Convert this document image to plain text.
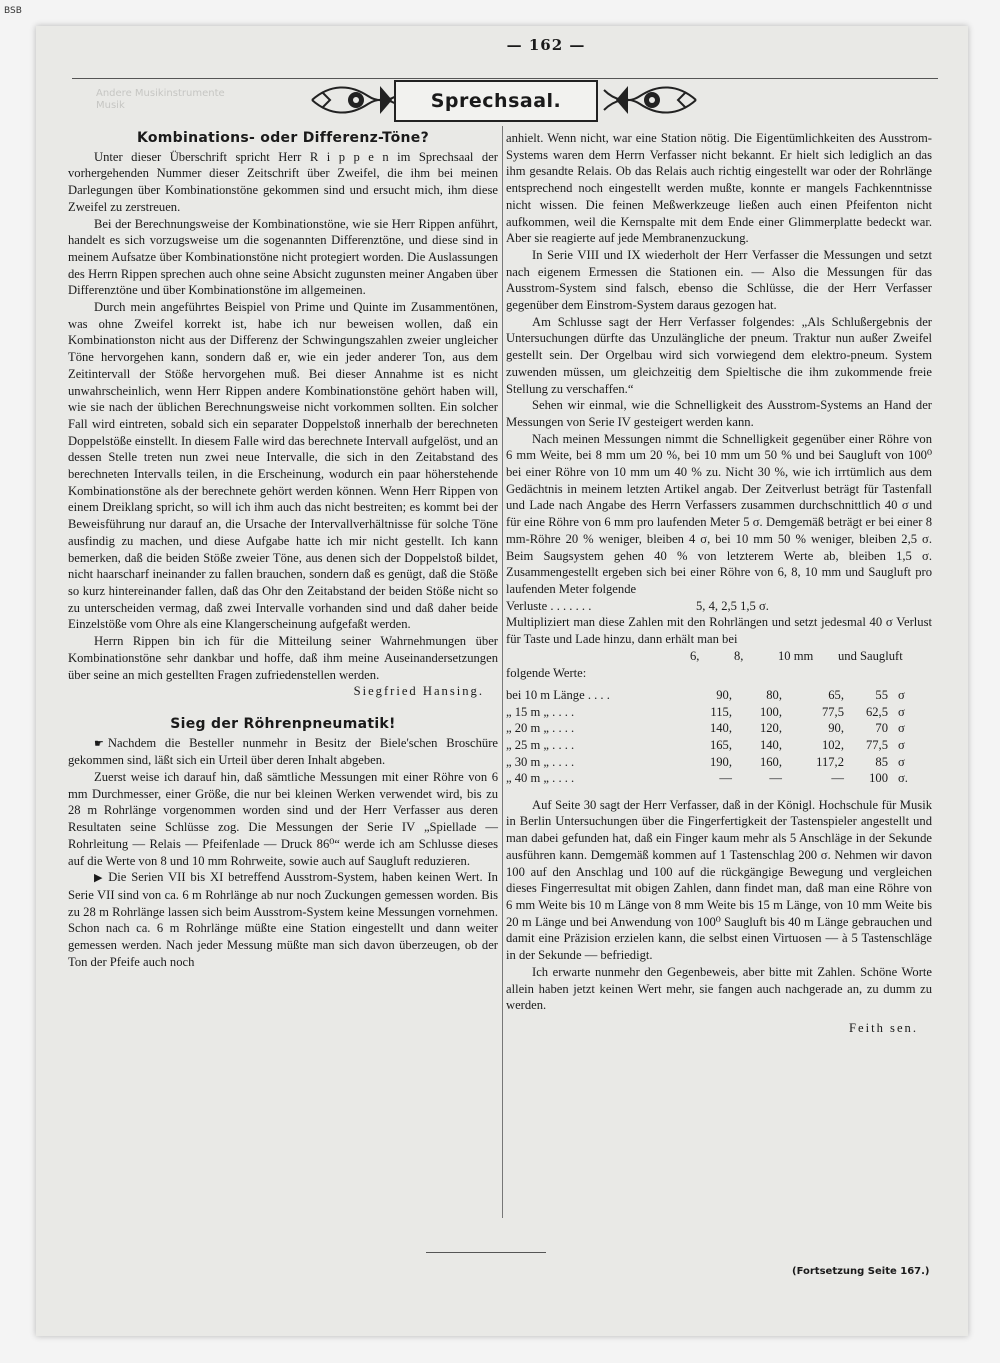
BSB
— 162 —
Andere Musikinstrumente
Musik	Sprechsaal.
Kombinations- oder Differenz-Töne?

Unter dieser Überschrift spricht Herr R i p p e n im Sprechsaal der vorhergehenden Nummer dieser Zeitschrift über Zweifel, die ihm bei meinen Darlegungen über Kombinationstöne gekommen sind und ersucht mich, ihm diese Zweifel zu zerstreuen.

Bei der Berechnungsweise der Kombinationstöne, wie sie Herr Rippen anführt, handelt es sich vorzugsweise um die sogenannten Differenztöne, und diese sind in meinem Aufsatze über Kombinationstöne nicht protegiert worden. Die Auslassungen des Herrn Rippen sprechen auch ohne seine Absicht zugunsten meiner Angaben über Differenztöne und über Kombinationstöne im allgemeinen.

Durch mein angeführtes Beispiel von Prime und Quinte im Zusammentönen, was ohne Zweifel korrekt ist, habe ich nur beweisen wollen, daß ein Kombinationston nicht aus der Differenz der Schwingungszahlen zweier ungleicher Töne hervorgehen kann, sondern daß er, wie ein jeder anderer Ton, aus dem Zeitintervall der Stöße hervorgehen muß. Bei dieser Annahme ist es nicht unwahrscheinlich, wenn Herr Rippen andere Kombinationstöne gehört haben will, wie sie nach der üblichen Berechnungsweise nicht vorkommen sollten. Ein solcher Fall wird eintreten, sobald sich ein separater Doppelstoß innerhalb der berechneten Doppelstöße einstellt. In diesem Falle wird das berechnete Intervall aufgelöst, und an dessen Stelle treten nun zwei neue Intervalle, die sich in den Zeitabstand des berechneten Intervalls teilen, in die Erscheinung, wodurch ein paar höherstehende Kombinationstöne als der berechnete gehört werden können. Wenn Herr Rippen von einem Dreiklang spricht, so will ich ihm auch das nicht bestreiten; es kommt bei der Beweisführung nur darauf an, die Ursache der Intervallverhältnisse für solche Töne ausfindig zu machen, und diese Aufgabe hatte ich mir nicht gestellt. Ich kann bemerken, daß die beiden Stöße zweier Töne, aus denen sich der Doppelstoß bildet, nicht haarscharf ineinander zu fallen brauchen, sondern daß es genügt, daß die Stöße so kurz hintereinander fallen, daß das Ohr den Zeitabstand der beiden Stöße nicht so zu unterscheiden vermag, daß zwei Intervalle vorhanden sind und daß daher beide Einzelstöße vom Ohre als eine Klangerscheinung aufgefaßt werden.

Herrn Rippen bin ich für die Mitteilung seiner Wahrnehmungen über Kombinationstöne sehr dankbar und hoffe, daß ihm meine Auseinandersetzungen über seine an mich gestellten Fragen zufriedenstellen werden.

Siegfried Hansing.

Sieg der Röhrenpneumatik!

☛ Nachdem die Besteller nunmehr in Besitz der Biele'schen Broschüre gekommen sind, läßt sich ein Urteil über deren Inhalt abgeben.

Zuerst weise ich darauf hin, daß sämtliche Messungen mit einer Röhre von 6 mm Durchmesser, einer Größe, die nur bei kleinen Werken verwendet wird, bis zu 28 m Rohrlänge vorgenommen worden sind und der Herr Verfasser aus deren Resultaten seine Schlüsse zog. Die Messungen der Serie IV „Spiellade — Rohrleitung — Relais — Pfeifenlade — Druck 86⁰“ werde ich am Schlusse dieses auf die Werte von 8 und 10 mm Rohrweite, sowie auch auf Saugluft reduzieren.

▶ Die Serien VII bis XI betreffend Ausstrom-System, haben keinen Wert. In Serie VII sind von ca. 6 m Rohrlänge ab nur noch Zuckungen gemessen worden. Bis zu 28 m Rohrlänge lassen sich beim Ausstrom-System keine Messungen vornehmen. Schon nach ca. 6 m Rohrlänge müßte eine Station eingestellt und dann weiter gemessen werden. Nach jeder Messung müßte man sich davon überzeugen, ob der Ton der Pfeife auch noch

anhielt. Wenn nicht, war eine Station nötig. Die Eigentümlichkeiten des Ausstrom-Systems waren dem Herrn Verfasser nicht bekannt. Er hielt sich lediglich an das ihm gesandte Relais. Ob das Relais auch richtig eingestellt war oder der Rohrlänge entsprechend noch eingestellt werden mußte, konnte er mangels Fachkenntnisse nicht wissen. Die feinen Meßwerkzeuge ließen auch einen Pfeifenton nicht aufkommen, weil die Kernspalte mit dem Ende einer Glimmerplatte bedeckt war. Aber sie reagierte auf jede Membranenzuckung.

In Serie VIII und IX wiederholt der Herr Verfasser die Messungen und setzt nach eigenem Ermessen die Stationen ein. — Also die Messungen für das Ausstrom-System sind falsch, ebenso die Schlüsse, die der Herr Verfasser gegenüber dem Einstrom-System daraus gezogen hat.

Am Schlusse sagt der Herr Verfasser folgendes: „Als Schlußergebnis der Untersuchungen dürfte das Unzulängliche der pneum. Traktur nun außer Zweifel gestellt sein. Der Orgelbau wird sich vorwiegend dem elektro-pneum. System zuwenden müssen, um gleichzeitig dem Spieltische die ihm zukommende freie Stellung zu verschaffen.“

Sehen wir einmal, wie die Schnelligkeit des Ausstrom-Systems an Hand der Messungen von Serie IV gesteigert werden kann.

Nach meinen Messungen nimmt die Schnelligkeit gegenüber einer Röhre von 6 mm Weite, bei 8 mm um 20 %, bei 10 mm um 50 % und bei Saugluft von 100⁰ bei einer Röhre von 10 mm um 40 % zu. Nicht 30 %, wie ich irrtümlich aus dem Gedächtnis in meinem letzten Artikel angab. Der Zeitverlust beträgt für Tastenfall und Lade nach Angabe des Herrn Verfassers zusammen durchschnittlich 40 σ und für eine Röhre von 6 mm pro laufenden Meter 5 σ. Demgemäß beträgt er bei einer 8 mm-Röhre 20 % weniger, bleiben 4 σ, bei 10 mm 50 % weniger, bleiben 2,5 σ. Beim Saugsystem gehen 40 % von letzterem Werte ab, bleiben 1,5 σ. Zusammengestellt ergeben sich bei einer Röhre von 6, 8, 10 mm und Saugluft pro laufenden Meter folgende

Verluste . . . . . . .	5, 4, 2,5 1,5 σ.

Multipliziert man diese Zahlen mit den Rohrlängen und setzt jedesmal 40 σ Verlust für Taste und Lade hinzu, dann erhält man bei

6,	8,	10 mm	und Saugluft

folgende Werte:

bei 10 m Länge . . . .	90,	80,	65,	55	σ
„ 15 m „ . . . .	115,	100,	77,5	62,5	σ
„ 20 m „ . . . .	140,	120,	90,	70	σ
„ 25 m „ . . . .	165,	140,	102,	77,5	σ
„ 30 m „ . . . .	190,	160,	117,2	85	σ
„ 40 m „ . . . .	—	—	—	100	σ.

Auf Seite 30 sagt der Herr Verfasser, daß in der Königl. Hochschule für Musik in Berlin Untersuchungen über die Fingerfertigkeit der Tastenspieler angestellt und man dabei gefunden hat, daß ein Finger kaum mehr als 5 Anschläge in der Sekunde ausführen kann. Demgemäß kommen auf 1 Tastenschlag 200 σ. Nehmen wir davon 100 auf den Anschlag und 100 auf die rückgängige Bewegung und vergleichen dieses Fingerresultat mit obigen Zahlen, dann findet man, daß man eine Röhre von 6 mm Weite bis 10 m Länge von 8 mm Weite bis 15 m Länge, von 10 mm Weite bis 20 m Länge und bei Anwendung von 100⁰ Saugluft bis 40 m Länge gebrauchen und damit eine Präzision erzielen kann, die selbst einen Virtuosen — à 5 Tastenschläge in der Sekunde — befriedigt.

Ich erwarte nunmehr den Gegenbeweis, aber bitte mit Zahlen. Schöne Worte allein haben jetzt keinen Wert mehr, sie fangen auch nachgerade an, zu dumm zu werden.

Feith sen.

(Fortsetzung Seite 167.)
